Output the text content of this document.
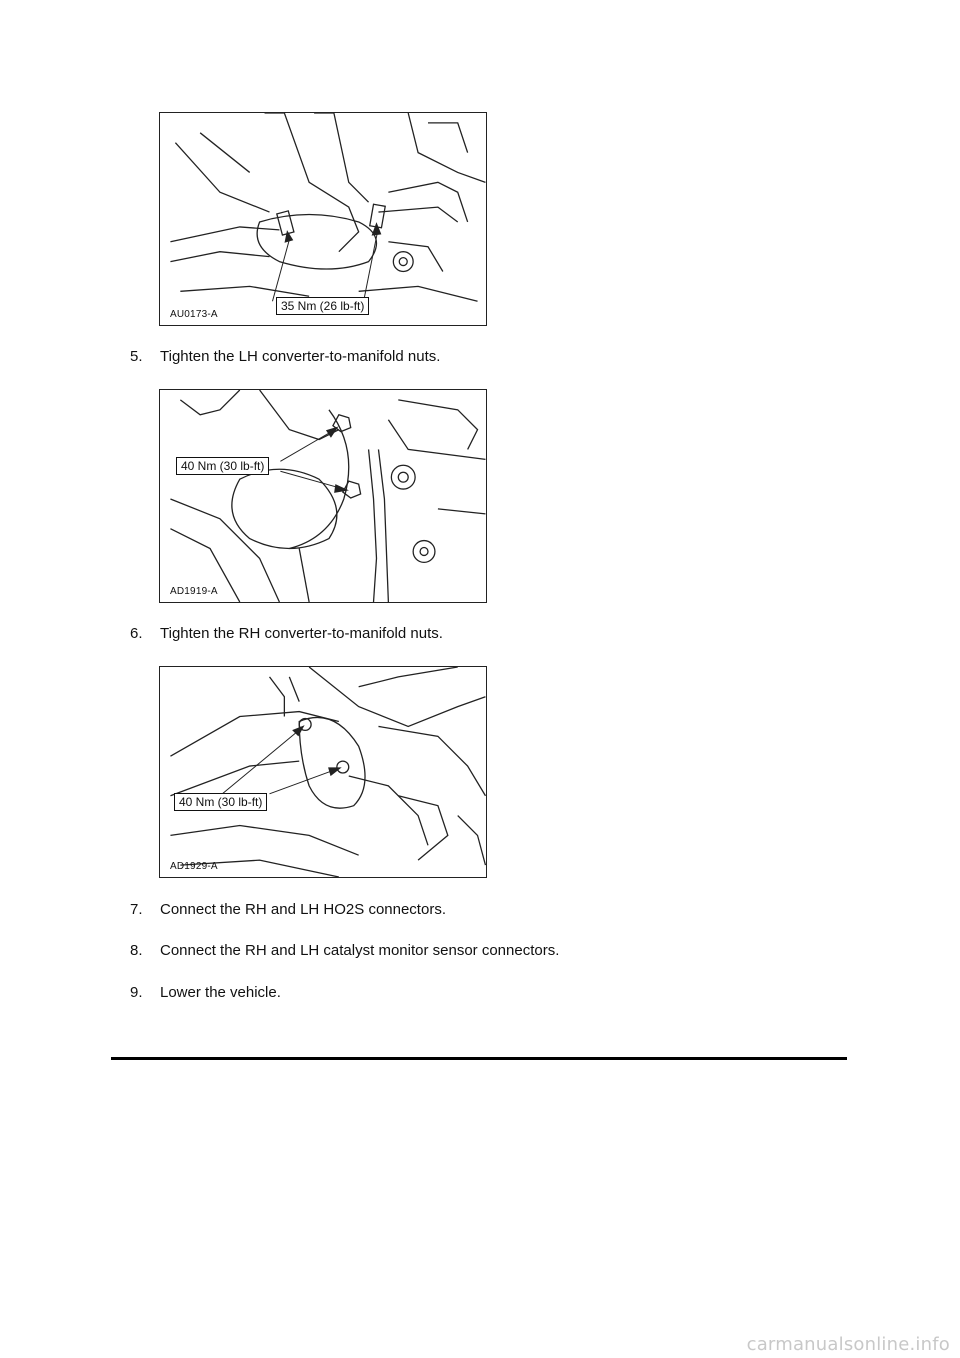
35 Nm (26 lb-ft)
AU0173-A
5. Tighten the LH converter-to-manifold nuts.
40 Nm (30 lb-ft)
AD1919-A
6. Tighten the RH converter-to-manifold nuts.
40 Nm (30 lb-ft)
AD1929-A
7. Connect the RH and LH HO2S connectors.
8. Connect the RH and LH catalyst monitor sensor connectors.
9. Lower the vehicle.
carmanualsonline.info
